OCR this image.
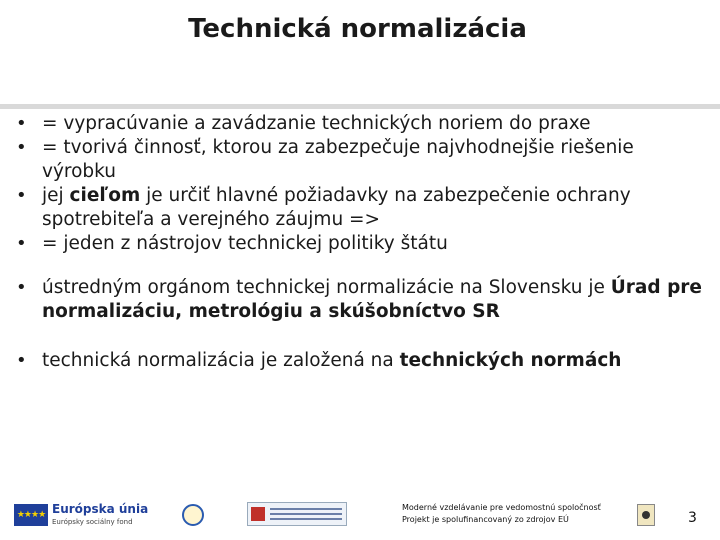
Technická normalizácia
• = vypracúvanie a zavádzanie technických noriem do praxe
• = tvorivá činnosť, ktorou za zabezpečuje najvhodnejšie riešenie výrobku
• jej cieľom je určiť hlavné požiadavky na zabezpečenie ochrany spotrebiteľa a verejného záujmu =>
• = jeden z nástrojov technickej politiky štátu
• ústredným orgánom technickej normalizácie na Slovensku je Úrad pre normalizáciu, metrológiu a skúšobníctvo SR
• technická normalizácia je založená na technických normách
★★★★ Európska únia
Európsky sociálny fond
Moderné vzdelávanie pre vedomostnú spoločnosť
Projekt je spolufinancovaný zo zdrojov EÚ	3
